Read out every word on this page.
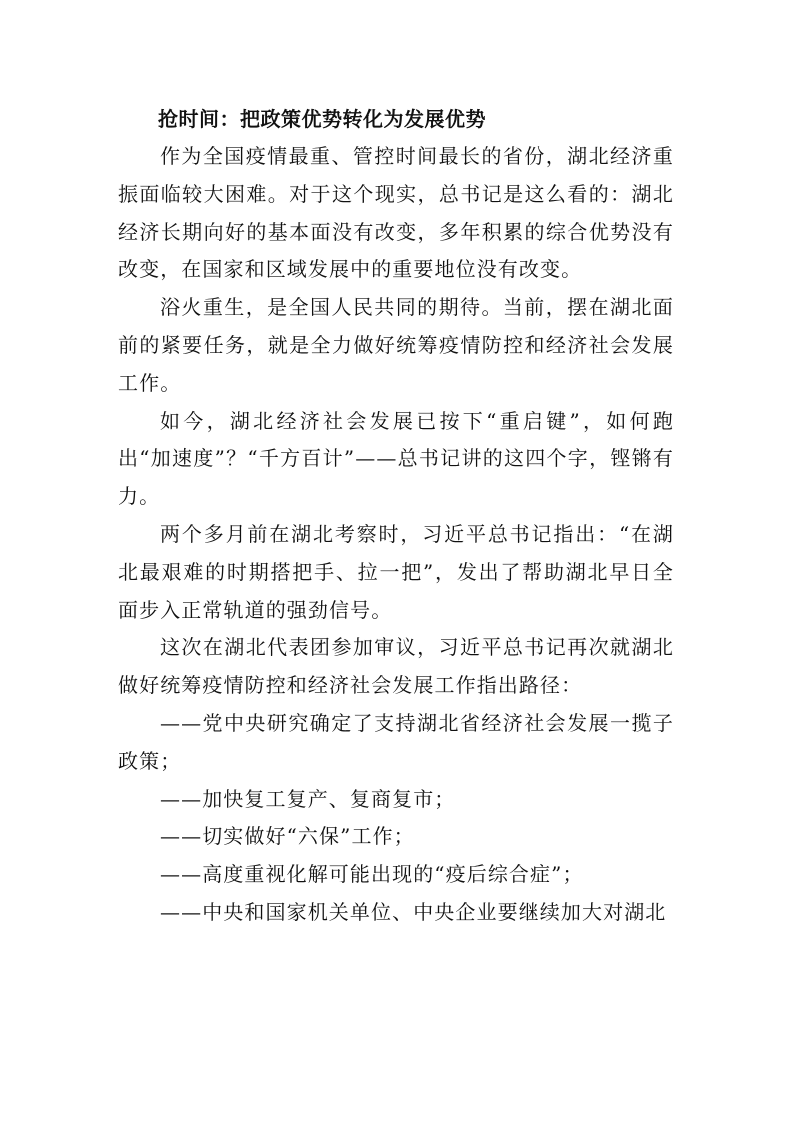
抢时间：把政策优势转化为发展优势

作为全国疫情最重、管控时间最长的省份，湖北经济重振面临较大困难。对于这个现实，总书记是这么看的：湖北经济长期向好的基本面没有改变，多年积累的综合优势没有改变，在国家和区域发展中的重要地位没有改变。

浴火重生，是全国人民共同的期待。当前，摆在湖北面前的紧要任务，就是全力做好统筹疫情防控和经济社会发展工作。

如今，湖北经济社会发展已按下“重启键”，如何跑出“加速度”？“千方百计”——总书记讲的这四个字，铿锵有力。

两个多月前在湖北考察时，习近平总书记指出：“在湖北最艰难的时期搭把手、拉一把”，发出了帮助湖北早日全面步入正常轨道的强劲信号。

这次在湖北代表团参加审议，习近平总书记再次就湖北做好统筹疫情防控和经济社会发展工作指出路径：

——党中央研究确定了支持湖北省经济社会发展一揽子政策；

——加快复工复产、复商复市；

——切实做好“六保”工作；

——高度重视化解可能出现的“疫后综合症”；

——中央和国家机关单位、中央企业要继续加大对湖北
